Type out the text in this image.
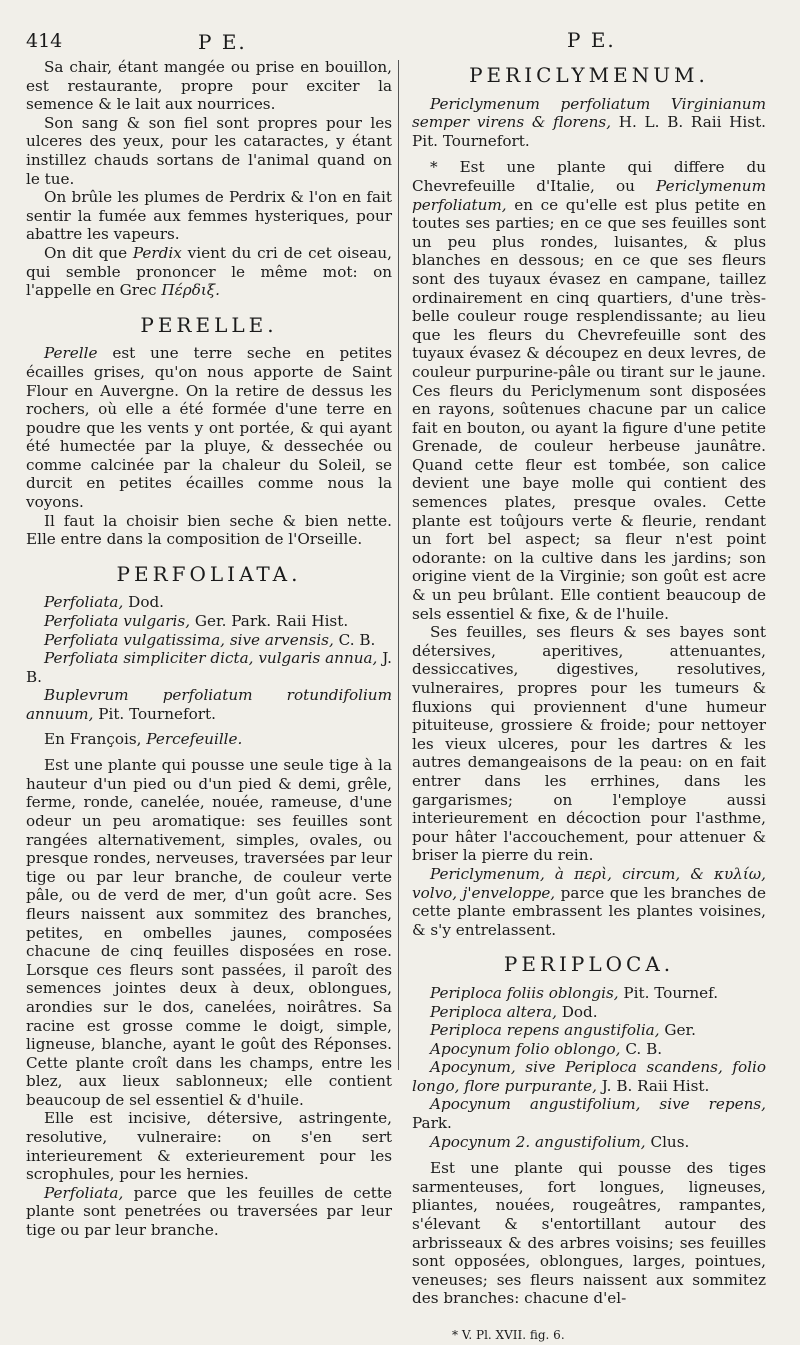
414	P E.	P E.

Sa chair, étant mangée ou prise en bouillon, est restaurante, propre pour exciter la semence & le lait aux nourrices.

Son sang & son fiel sont propres pour les ulceres des yeux, pour les cataractes, y étant instillez chauds sortans de l'animal quand on le tue.

On brûle les plumes de Perdrix & l'on en fait sentir la fumée aux femmes hysteriques, pour abattre les vapeurs.

On dit que Perdix vient du cri de cet oiseau, qui semble prononcer le même mot: on l'appelle en Grec Πέρδιξ.

PERELLE.

Perelle est une terre seche en petites écailles grises, qu'on nous apporte de Saint Flour en Auvergne. On la retire de dessus les rochers, où elle a été formée d'une terre en poudre que les vents y ont portée, & qui ayant été humectée par la pluye, & dessechée ou comme calcinée par la chaleur du Soleil, se durcit en petites écailles comme nous la voyons.

Il faut la choisir bien seche & bien nette. Elle entre dans la composition de l'Orseille.

PERFOLIATA.

Perfoliata, Dod.

Perfoliata vulgaris, Ger. Park. Raii Hist.

Perfoliata vulgatissima, sive arvensis, C. B.

Perfoliata simpliciter dicta, vulgaris annua, J. B.

Buplevrum perfoliatum rotundifolium annuum, Pit. Tournefort.

En François, Percefeuille.

Est une plante qui pousse une seule tige à la hauteur d'un pied ou d'un pied & demi, grêle, ferme, ronde, canelée, nouée, rameuse, d'une odeur un peu aromatique: ses feuilles sont rangées alternativement, simples, ovales, ou presque rondes, nerveuses, traversées par leur tige ou par leur branche, de couleur verte pâle, ou de verd de mer, d'un goût acre. Ses fleurs naissent aux sommitez des branches, petites, en ombelles jaunes, composées chacune de cinq feuilles disposées en rose. Lorsque ces fleurs sont passées, il paroît des semences jointes deux à deux, oblongues, arondies sur le dos, canelées, noirâtres. Sa racine est grosse comme le doigt, simple, ligneuse, blanche, ayant le goût des Réponses. Cette plante croît dans les champs, entre les blez, aux lieux sablonneux; elle contient beaucoup de sel essentiel & d'huile.

Elle est incisive, détersive, astringente, resolutive, vulneraire: on s'en sert interieurement & exterieurement pour les scrophules, pour les hernies.

Perfoliata, parce que les feuilles de cette plante sont penetrées ou traversées par leur tige ou par leur branche.

PERICLYMENUM.

Periclymenum perfoliatum Virginianum semper virens & florens, H. L. B. Raii Hist. Pit. Tournefort.

* Est une plante qui differe du Chevrefeuille d'Italie, ou Periclymenum perfoliatum, en ce qu'elle est plus petite en toutes ses parties; en ce que ses feuilles sont un peu plus rondes, luisantes, & plus blanches en dessous; en ce que ses fleurs sont des tuyaux évasez en campane, taillez ordinairement en cinq quartiers, d'une très-belle couleur rouge resplendissante; au lieu que les fleurs du Chevrefeuille sont des tuyaux évasez & découpez en deux levres, de couleur purpurine-pâle ou tirant sur le jaune. Ces fleurs du Periclymenum sont disposées en rayons, soûtenues chacune par un calice fait en bouton, ou ayant la figure d'une petite Grenade, de couleur herbeuse jaunâtre. Quand cette fleur est tombée, son calice devient une baye molle qui contient des semences plates, presque ovales. Cette plante est toûjours verte & fleurie, rendant un fort bel aspect; sa fleur n'est point odorante: on la cultive dans les jardins; son origine vient de la Virginie; son goût est acre & un peu brûlant. Elle contient beaucoup de sels essentiel & fixe, & de l'huile.

Ses feuilles, ses fleurs & ses bayes sont détersives, aperitives, attenuantes, dessiccatives, digestives, resolutives, vulneraires, propres pour les tumeurs & fluxions qui proviennent d'une humeur pituiteuse, grossiere & froide; pour nettoyer les vieux ulceres, pour les dartres & les autres demangeaisons de la peau: on en fait entrer dans les errhines, dans les gargarismes; on l'employe aussi interieurement en décoction pour l'asthme, pour hâter l'accouchement, pour attenuer & briser la pierre du rein.

Periclymenum, à περὶ, circum, & κυλίω, volvo, j'enveloppe, parce que les branches de cette plante embrassent les plantes voisines, & s'y entrelassent.

PERIPLOCA.

Periploca foliis oblongis, Pit. Tournef.

Periploca altera, Dod.

Periploca repens angustifolia, Ger.

Apocynum folio oblongo, C. B.

Apocynum, sive Periploca scandens, folio longo, flore purpurante, J. B. Raii Hist.

Apocynum angustifolium, sive repens, Park.

Apocynum 2. angustifolium, Clus.

Est une plante qui pousse des tiges sarmenteuses, fort longues, ligneuses, pliantes, nouées, rougeâtres, rampantes, s'élevant & s'entortillant autour des arbrisseaux & des arbres voisins; ses feuilles sont opposées, oblongues, larges, pointues, veneuses; ses fleurs naissent aux sommitez des branches: chacune d'el-

* V. Pl. XVII. fig. 6.
